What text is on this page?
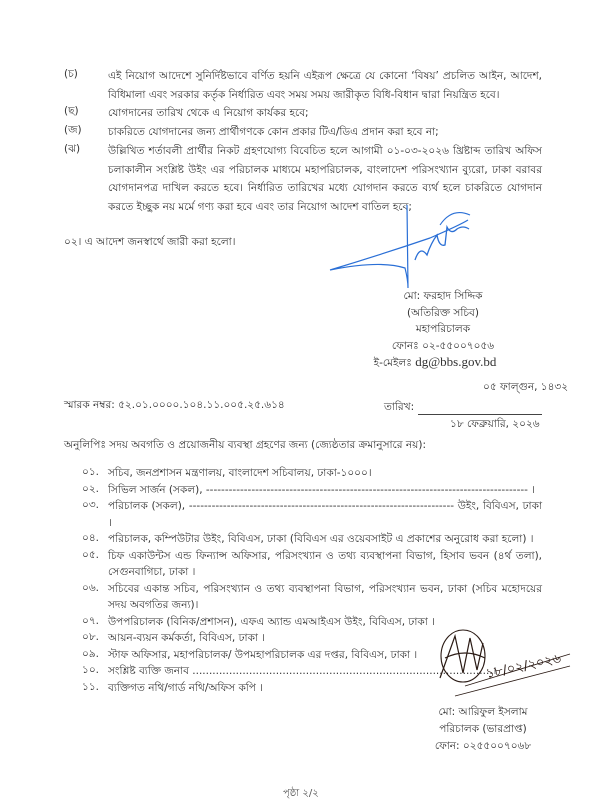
(চ)	এই নিয়োগ আদেশে সুনির্দিষ্টভাবে বর্ণিত হয়নি এইরূপ ক্ষেত্রে যে কোনো ‘বিষয়’ প্রচলিত আইন, আদেশ, বিধিমালা এবং সরকার কর্তৃক নির্ধারিত এবং সময় সময় জারীকৃত বিধি-বিধান দ্বারা নিয়ন্ত্রিত হবে।
(ছ)	যোগদানের তারিখ থেকে এ নিয়োগ কার্যকর হবে;
(জ)	চাকরিতে যোগদানের জন্য প্রার্থীগণকে কোন প্রকার টিএ/ডিএ প্রদান করা হবে না;
(ঝ)	উল্লিখিত শর্তাবলী প্রার্থীর নিকট গ্রহণযোগ্য বিবেচিত হলে আগামী ০১-০৩-২০২৬ খ্রিষ্টাব্দ তারিখ অফিস চলাকালীন সংশ্লিষ্ট উইং এর পরিচালক মাধ্যমে মহাপরিচালক, বাংলাদেশ পরিসংখ্যান ব্যুরো, ঢাকা বরাবর যোগদানপত্র দাখিল করতে হবে। নির্ধারিত তারিখের মধ্যে যোগদান করতে ব্যর্থ হলে চাকরিতে যোগদান করতে ইচ্ছুক নয় মর্মে গণ্য করা হবে এবং তার নিয়োগ আদেশ বাতিল হবে;
০২। এ আদেশ জনস্বার্থে জারী করা হলো।
মো: ফরহাদ সিদ্দিক
(অতিরিক্ত সচিব)
মহাপরিচালক
ফোনঃ ০২-৫৫০০৭০৫৬
ই-মেইলঃ dg@bbs.gov.bd
০৫ ফাল্গুন, ১৪৩২
তারিখ:
১৮ ফেব্রুয়ারি, ২০২৬
স্মারক নম্বর: ৫২.০১.০০০০.১০৪.১১.০০৫.২৫.৬১৪
অনুলিপিঃ সদয় অবগতি ও প্রয়োজনীয় ব্যবস্থা গ্রহণের জন্য (জ্যেষ্ঠতার ক্রমানুসারে নয়):
০১. সচিব, জনপ্রশাসন মন্ত্রণালয়, বাংলাদেশ সচিবালয়, ঢাকা-১০০০।
০২. সিভিল সার্জন (সকল), ------------------------------------------------------------------------------------- ।
০৩. পরিচালক (সকল), ---------------------------------------------------------------------- উইং, বিবিএস, ঢাকা ।
০৪. পরিচালক, কম্পিউটার উইং, বিবিএস, ঢাকা (বিবিএস এর ওয়েবসাইট এ প্রকাশের অনুরোধ করা হলো) ।
০৫. চিফ একাউন্টস এন্ড ফিন্যান্স অফিসার, পরিসংখ্যান ও তথ্য ব্যবস্থাপনা বিভাগ, হিসাব ভবন (৪র্থ তলা), সেগুনবাগিচা, ঢাকা ।
০৬. সচিবের একান্ত সচিব, পরিসংখ্যান ও তথ্য ব্যবস্থাপনা বিভাগ, পরিসংখ্যান ভবন, ঢাকা (সচিব মহোদয়ের সদয় অবগতির জন্য)।
০৭. উপপরিচালক (বিনিক/প্রশাসন), এফএ অ্যান্ড এমআইএস উইং, বিবিএস, ঢাকা ।
০৮. আয়ন-ব্যয়ন কর্মকর্তা, বিবিএস, ঢাকা ।
০৯. স্টাফ অফিসার, মহাপরিচালক/ উপমহাপরিচালক এর দপ্তর, বিবিএস, ঢাকা ।
১০. সংশ্লিষ্ট ব্যক্তি জনাব ..........................................................................................।
১১. ব্যক্তিগত নথি/গার্ড নথি/অফিস কপি ।
১৮/০২/২০২৬
মো: আরিফুল ইসলাম
পরিচালক (ভারপ্রাপ্ত)
ফোন: ০২৫৫০০৭০৬৮
পৃষ্ঠা ২/২
